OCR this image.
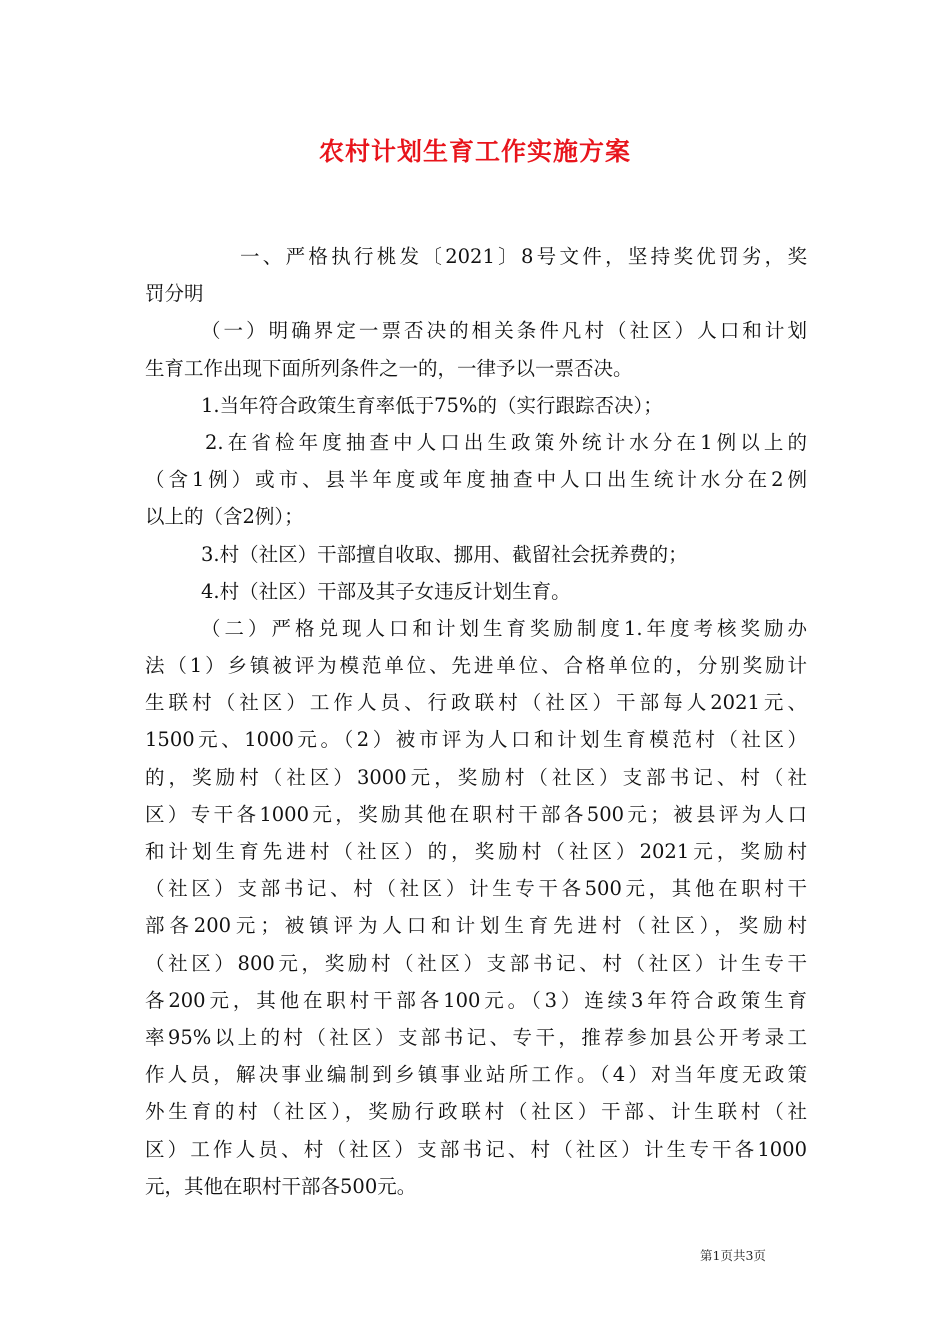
农村计划生育工作实施方案
一、严格执行桃发〔2021〕8号文件，坚持奖优罚劣，奖
罚分明
（一）明确界定一票否决的相关条件凡村（社区）人口和计划
生育工作出现下面所列条件之一的，一律予以一票否决。
1.当年符合政策生育率低于75%的（实行跟踪否决）；
2.在省检年度抽查中人口出生政策外统计水分在1例以上的
（含1例）或市、县半年度或年度抽查中人口出生统计水分在2例
以上的（含2例）；
3.村（社区）干部擅自收取、挪用、截留社会抚养费的；
4.村（社区）干部及其子女违反计划生育。
（二）严格兑现人口和计划生育奖励制度1.年度考核奖励办
法（1）乡镇被评为模范单位、先进单位、合格单位的，分别奖励计
生联村（社区）工作人员、行政联村（社区）干部每人2021元、
1500元、1000元。（2）被市评为人口和计划生育模范村（社区）
的，奖励村（社区）3000元，奖励村（社区）支部书记、村（社
区）专干各1000元，奖励其他在职村干部各500元；被县评为人口
和计划生育先进村（社区）的，奖励村（社区）2021元，奖励村
（社区）支部书记、村（社区）计生专干各500元，其他在职村干
部各200元；被镇评为人口和计划生育先进村（社区），奖励村
（社区）800元，奖励村（社区）支部书记、村（社区）计生专干
各200元，其他在职村干部各100元。（3）连续3年符合政策生育
率95%以上的村（社区）支部书记、专干，推荐参加县公开考录工
作人员，解决事业编制到乡镇事业站所工作。（4）对当年度无政策
外生育的村（社区），奖励行政联村（社区）干部、计生联村（社
区）工作人员、村（社区）支部书记、村（社区）计生专干各1000
元，其他在职村干部各500元。
第1页共3页
